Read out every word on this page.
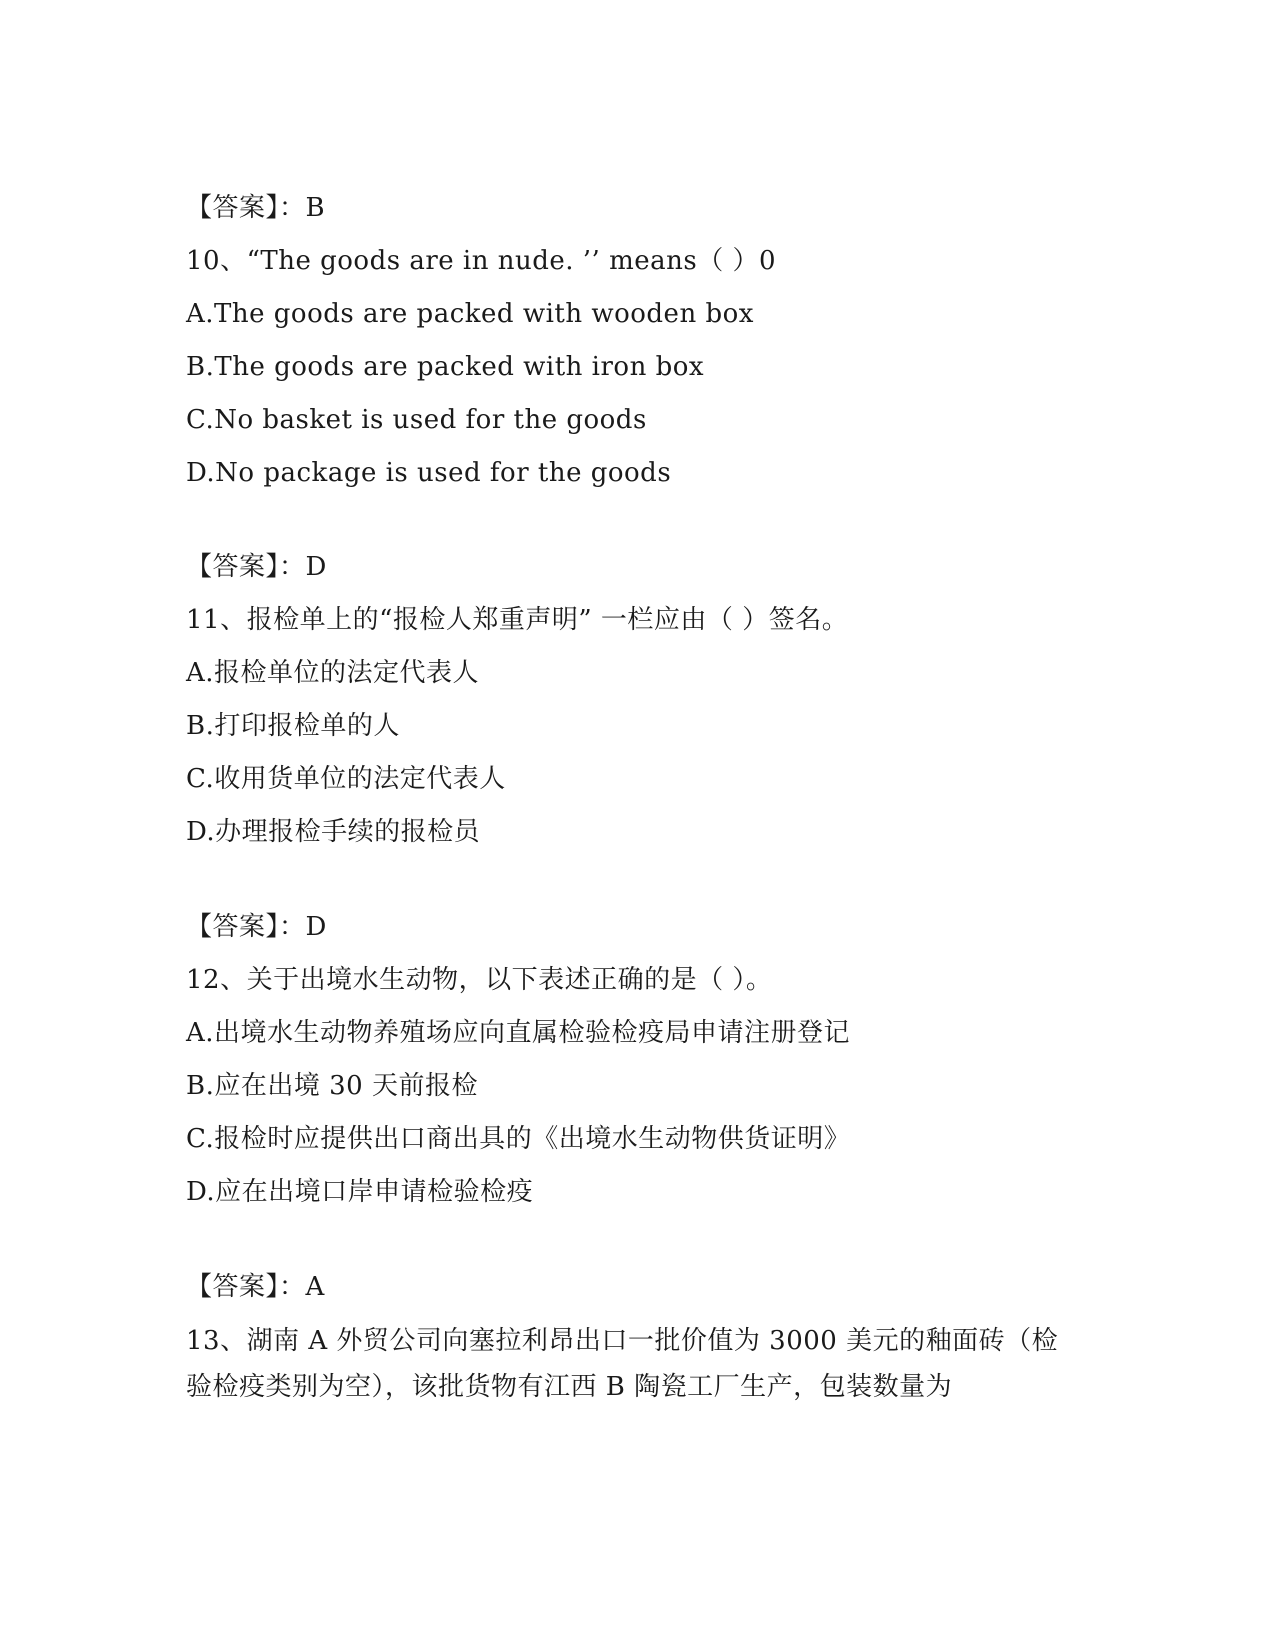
【答案】：B
10、“The goods are in nude. ’’ means（ ）0
A.The goods are packed with wooden box
B.The goods are packed with iron box
C.No basket is used for the goods
D.No package is used for the goods
【答案】：D
11、报检单上的“报检人郑重声明” 一栏应由（ ）签名。
A.报检单位的法定代表人
B.打印报检单的人
C.收用货单位的法定代表人
D.办理报检手续的报检员
【答案】：D
12、关于出境水生动物，以下表述正确的是（ ）。
A.出境水生动物养殖场应向直属检验检疫局申请注册登记
B.应在出境 30 天前报检
C.报检时应提供出口商出具的《出境水生动物供货证明》
D.应在出境口岸申请检验检疫
【答案】：A
13、湖南 A 外贸公司向塞拉利昂出口一批价值为 3000 美元的釉面砖（检验检疫类别为空），该批货物有江西 B 陶瓷工厂生产，包装数量为
